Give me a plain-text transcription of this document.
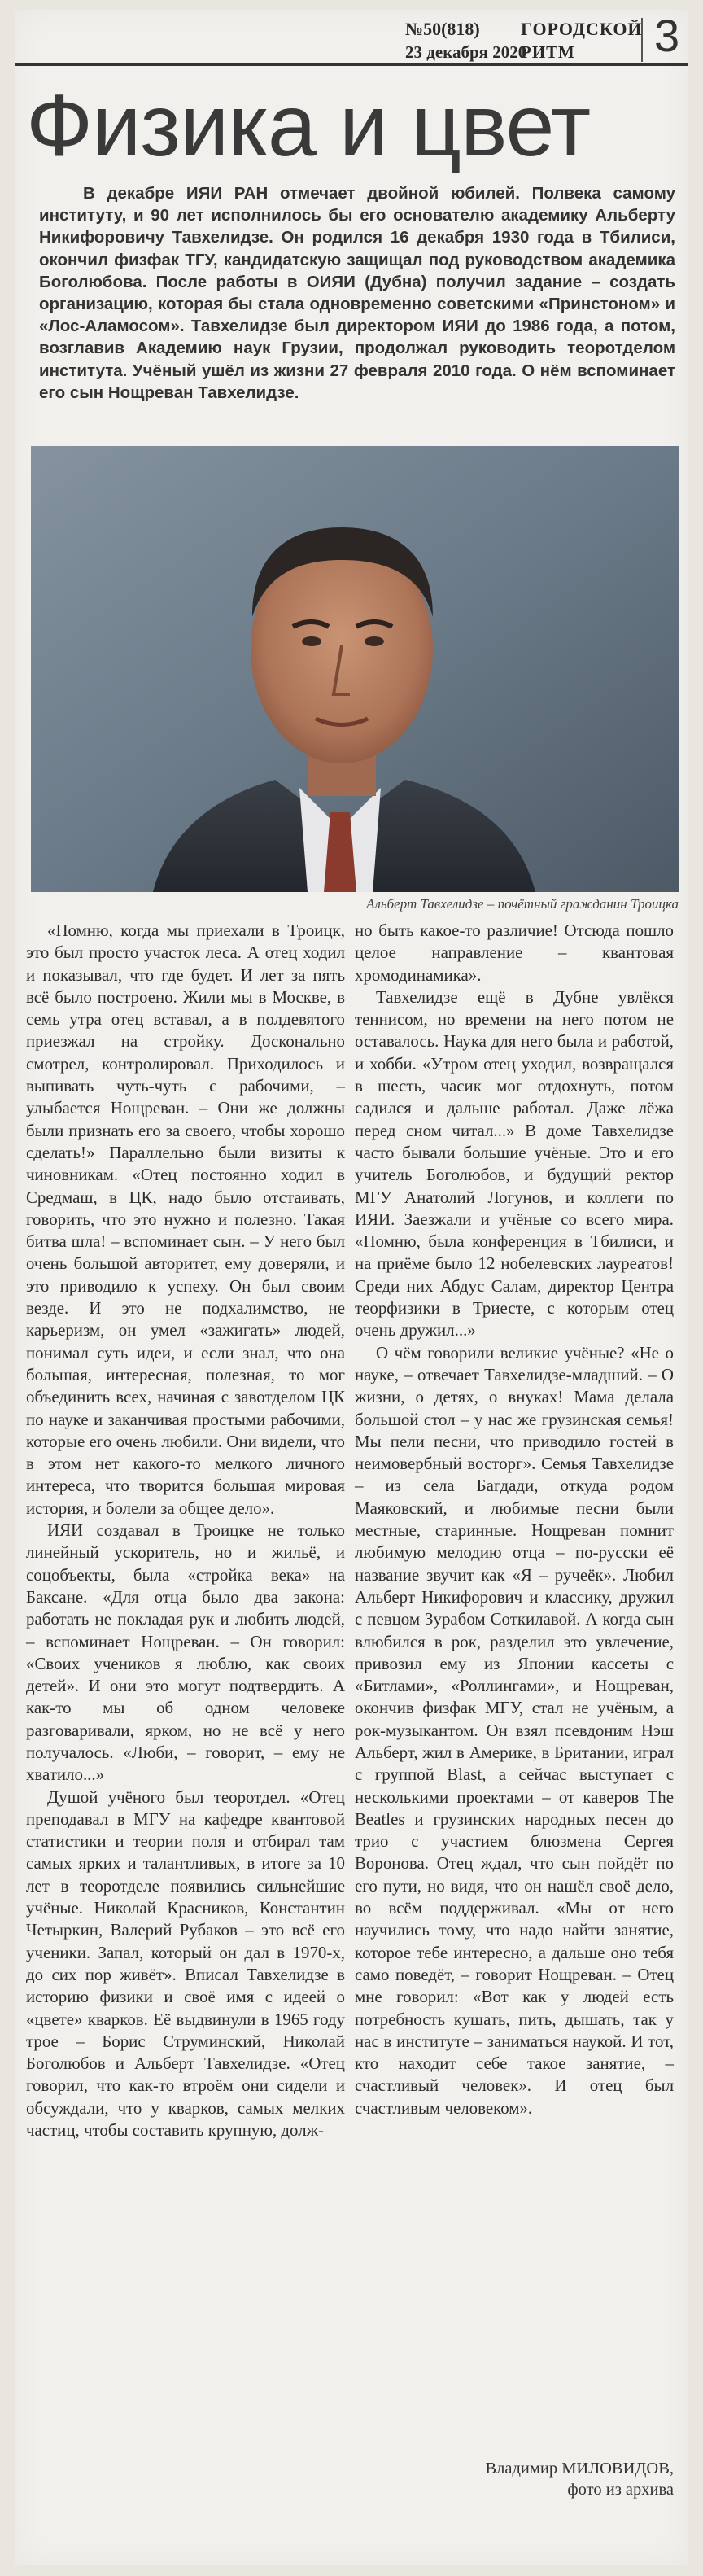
№50(818)
23 декабря 2020
ГОРОДСКОЙ
РИТМ 3
Физика и цвет
В декабре ИЯИ РАН отмечает двойной юбилей. Полвека самому институту, и 90 лет исполнилось бы его основателю академику Альберту Никифоровичу Тавхелидзе. Он родился 16 декабря 1930 года в Тбилиси, окончил физфак ТГУ, кандидатскую защищал под руководством академика Боголюбова. После работы в ОИЯИ (Дубна) получил задание – создать организацию, которая бы стала одновременно советскими «Принстоном» и «Лос-Аламосом». Тавхелидзе был директором ИЯИ до 1986 года, а потом, возглавив Академию наук Грузии, продолжал руководить теоротделом института. Учёный ушёл из жизни 27 февраля 2010 года. О нём вспоминает его сын Нощреван Тавхелидзе.
Альберт Тавхелидзе – почётный гражданин Троицка

«Помню, когда мы приехали в Троицк, это был просто участок леса. А отец ходил и показывал, что где будет. И лет за пять всё было построено. Жили мы в Москве, в семь утра отец вставал, а в полдевятого приезжал на стройку. Досконально смотрел, контролировал. Приходилось и выпивать чуть-чуть с рабочими, – улыбается Нощреван. – Они же должны были признать его за своего, чтобы хорошо сделать!» Параллельно были визиты к чиновникам. «Отец постоянно ходил в Средмаш, в ЦК, надо было отстаивать, говорить, что это нужно и полезно. Такая битва шла! – вспоминает сын. – У него был очень большой авторитет, ему доверяли, и это приводило к успеху. Он был своим везде. И это не подхалимство, не карьеризм, он умел «зажигать» людей, понимал суть идеи, и если знал, что она большая, интересная, полезная, то мог объединить всех, начиная с завотделом ЦК по науке и заканчивая простыми рабочими, которые его очень любили. Они видели, что в этом нет какого-то мелкого личного интереса, что творится большая мировая история, и болели за общее дело».

ИЯИ создавал в Троицке не только линейный ускоритель, но и жильё, и соцобъекты, была «стройка века» на Баксане. «Для отца было два закона: работать не покладая рук и любить людей, – вспоминает Нощреван. – Он говорил: «Своих учеников я люблю, как своих детей». И они это могут подтвердить. А как-то мы об одном человеке разговаривали, ярком, но не всё у него получалось. «Люби, – говорит, – ему не хватило...»

Душой учёного был теоротдел. «Отец преподавал в МГУ на кафедре квантовой статистики и теории поля и отбирал там самых ярких и талантливых, в итоге за 10 лет в теоротделе появились сильнейшие учёные. Николай Красников, Константин Четыркин, Валерий Рубаков – это всё его ученики. Запал, который он дал в 1970-х, до сих пор живёт». Вписал Тавхелидзе в историю физики и своё имя с идеей о «цвете» кварков. Её выдвинули в 1965 году трое – Борис Струминский, Николай Боголюбов и Альберт Тавхелидзе. «Отец говорил, что как-то втроём они сидели и обсуждали, что у кварков, самых мелких частиц, чтобы составить крупную, долж-

но быть какое-то различие! Отсюда пошло целое направление – квантовая хромодинамика».

Тавхелидзе ещё в Дубне увлёкся теннисом, но времени на него потом не оставалось. Наука для него была и работой, и хобби. «Утром отец уходил, возвращался в шесть, часик мог отдохнуть, потом садился и дальше работал. Даже лёжа перед сном читал...» В доме Тавхелидзе часто бывали большие учёные. Это и его учитель Боголюбов, и будущий ректор МГУ Анатолий Логунов, и коллеги по ИЯИ. Заезжали и учёные со всего мира. «Помню, была конференция в Тбилиси, и на приёме было 12 нобелевских лауреатов! Среди них Абдус Салам, директор Центра теорфизики в Триесте, с которым отец очень дружил...»

О чём говорили великие учёные? «Не о науке, – отвечает Тавхелидзе-младший. – О жизни, о детях, о внуках! Мама делала большой стол – у нас же грузинская семья! Мы пели песни, что приводило гостей в неимовербный восторг». Семья Тавхелидзе – из села Багдади, откуда родом Маяковский, и любимые песни были местные, старинные. Нощреван помнит любимую мелодию отца – по-русски её название звучит как «Я – ручеёк». Любил Альберт Никифорович и классику, дружил с певцом Зурабом Соткилавой. А когда сын влюбился в рок, разделил это увлечение, привозил ему из Японии кассеты с «Битлами», «Роллингами», и Нощреван, окончив физфак МГУ, стал не учёным, а рок-музыкантом. Он взял псевдоним Нэш Альберт, жил в Америке, в Британии, играл с группой Blast, а сейчас выступает с несколькими проектами – от каверов The Beatles и грузинских народных песен до трио с участием блюзмена Сергея Воронова. Отец ждал, что сын пойдёт по его пути, но видя, что он нашёл своё дело, во всём поддерживал. «Мы от него научились тому, что надо найти занятие, которое тебе интересно, а дальше оно тебя само поведёт, – говорит Нощреван. – Отец мне говорил: «Вот как у людей есть потребность кушать, пить, дышать, так у нас в институте – заниматься наукой. И тот, кто находит себе такое занятие, – счастливый человек». И отец был счастливым человеком».

Владимир МИЛОВИДОВ,
фото из архива
